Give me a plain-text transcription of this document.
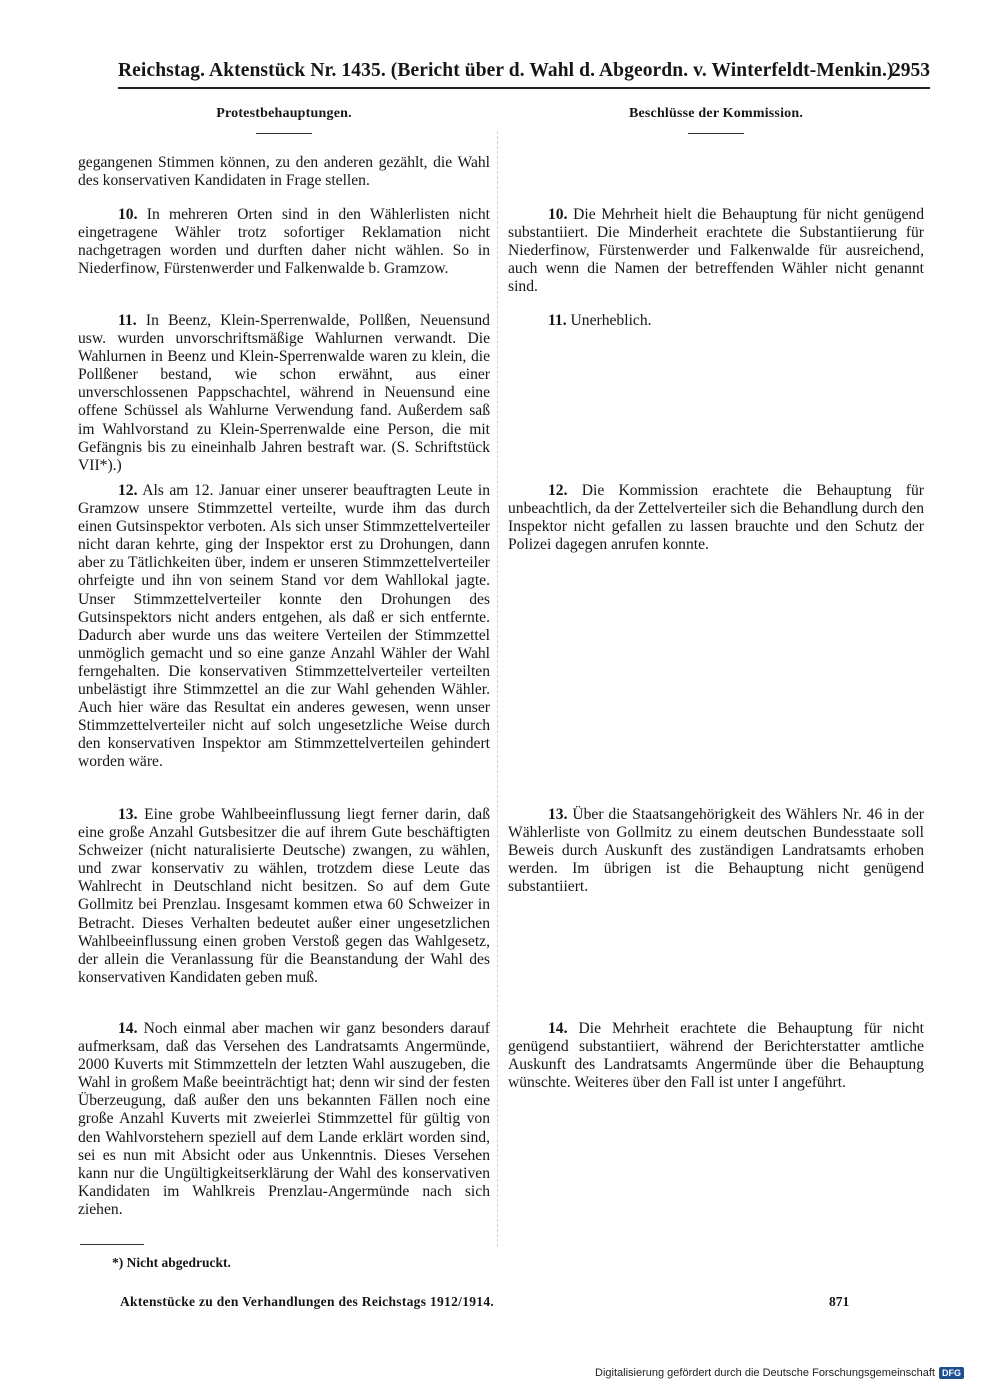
Reichstag. Aktenstück Nr. 1435. (Bericht über d. Wahl d. Abgeordn. v. Winterfeldt-Menkin.)
2953
Protestbehauptungen.	Beschlüsse der Kommission.
gegangenen Stimmen können, zu den anderen gezählt, die Wahl des konservativen Kandidaten in Frage stellen.
10. In mehreren Orten sind in den Wählerlisten nicht eingetragene Wähler trotz sofortiger Reklamation nicht nachgetragen worden und durften daher nicht wählen. So in Niederfinow, Fürstenwerder und Falkenwalde b. Gramzow.
11. In Beenz, Klein-Sperrenwalde, Pollßen, Neuensund usw. wurden unvorschriftsmäßige Wahlurnen verwandt. Die Wahlurnen in Beenz und Klein-Sperrenwalde waren zu klein, die Pollßener bestand, wie schon erwähnt, aus einer unverschlossenen Pappschachtel, während in Neuensund eine offene Schüssel als Wahlurne Verwendung fand. Außerdem saß im Wahlvorstand zu Klein-Sperrenwalde eine Person, die mit Gefängnis bis zu eineinhalb Jahren bestraft war. (S. Schriftstück VII*).)
12. Als am 12. Januar einer unserer beauftragten Leute in Gramzow unsere Stimmzettel verteilte, wurde ihm das durch einen Gutsinspektor verboten. Als sich unser Stimmzettelverteiler nicht daran kehrte, ging der Inspektor erst zu Drohungen, dann aber zu Tätlichkeiten über, indem er unseren Stimmzettelverteiler ohrfeigte und ihn von seinem Stand vor dem Wahllokal jagte. Unser Stimmzettelverteiler konnte den Drohungen des Gutsinspektors nicht anders entgehen, als daß er sich entfernte. Dadurch aber wurde uns das weitere Verteilen der Stimmzettel unmöglich gemacht und so eine ganze Anzahl Wähler der Wahl ferngehalten. Die konservativen Stimmzettelverteiler verteilten unbelästigt ihre Stimmzettel an die zur Wahl gehenden Wähler. Auch hier wäre das Resultat ein anderes gewesen, wenn unser Stimmzettelverteiler nicht auf solch ungesetzliche Weise durch den konservativen Inspektor am Stimmzettelverteilen gehindert worden wäre.
13. Eine grobe Wahlbeeinflussung liegt ferner darin, daß eine große Anzahl Gutsbesitzer die auf ihrem Gute beschäftigten Schweizer (nicht naturalisierte Deutsche) zwangen, zu wählen, und zwar konservativ zu wählen, trotzdem diese Leute das Wahlrecht in Deutschland nicht besitzen. So auf dem Gute Gollmitz bei Prenzlau. Insgesamt kommen etwa 60 Schweizer in Betracht. Dieses Verhalten bedeutet außer einer ungesetzlichen Wahlbeeinflussung einen groben Verstoß gegen das Wahlgesetz, der allein die Veranlassung für die Beanstandung der Wahl des konservativen Kandidaten geben muß.
14. Noch einmal aber machen wir ganz besonders darauf aufmerksam, daß das Versehen des Landratsamts Angermünde, 2000 Kuverts mit Stimmzetteln der letzten Wahl auszugeben, die Wahl in großem Maße beeinträchtigt hat; denn wir sind der festen Überzeugung, daß außer den uns bekannten Fällen noch eine große Anzahl Kuverts mit zweierlei Stimmzettel für gültig von den Wahlvorstehern speziell auf dem Lande erklärt worden sind, sei es nun mit Absicht oder aus Unkenntnis. Dieses Versehen kann nur die Ungültigkeitserklärung der Wahl des konservativen Kandidaten im Wahlkreis Prenzlau-Angermünde nach sich ziehen.
10. Die Mehrheit hielt die Behauptung für nicht genügend substantiiert. Die Minderheit erachtete die Substantiierung für Niederfinow, Fürstenwerder und Falkenwalde für ausreichend, auch wenn die Namen der betreffenden Wähler nicht genannt sind.
11. Unerheblich.
12. Die Kommission erachtete die Behauptung für unbeachtlich, da der Zettelverteiler sich die Behandlung durch den Inspektor nicht gefallen zu lassen brauchte und den Schutz der Polizei dagegen anrufen konnte.
13. Über die Staatsangehörigkeit des Wählers Nr. 46 in der Wählerliste von Gollmitz zu einem deutschen Bundesstaate soll Beweis durch Auskunft des zuständigen Landratsamts erhoben werden. Im übrigen ist die Behauptung nicht genügend substantiiert.
14. Die Mehrheit erachtete die Behauptung für nicht genügend substantiiert, während der Berichterstatter amtliche Auskunft des Landratsamts Angermünde über die Behauptung wünschte. Weiteres über den Fall ist unter I angeführt.
*) Nicht abgedruckt.
Aktenstücke zu den Verhandlungen des Reichstags 1912/1914.	871
Digitalisierung gefördert durch die Deutsche Forschungsgemeinschaft DFG
